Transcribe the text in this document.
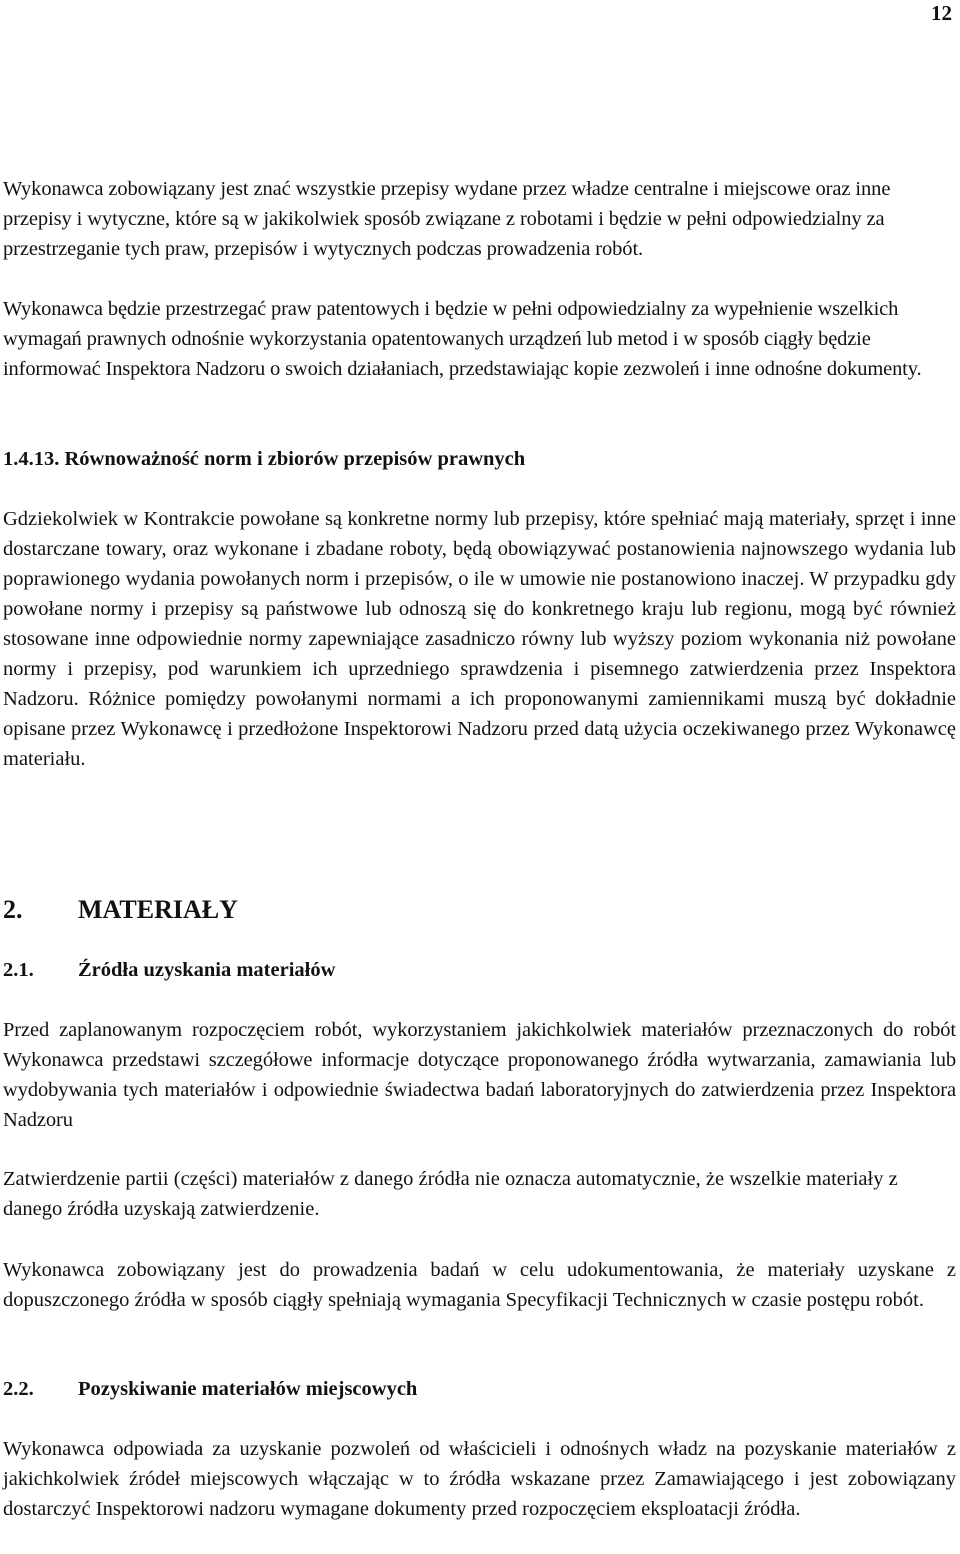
12

Wykonawca zobowiązany jest znać wszystkie przepisy wydane przez władze centralne i miejscowe oraz inne przepisy i wytyczne, które są w jakikolwiek sposób związane z robotami i będzie w pełni odpowiedzialny za przestrzeganie tych praw, przepisów i wytycznych podczas prowadzenia robót.

Wykonawca będzie przestrzegać praw patentowych i będzie w pełni odpowiedzialny za wypełnienie wszelkich wymagań prawnych odnośnie wykorzystania opatentowanych urządzeń lub metod i w sposób ciągły będzie informować Inspektora Nadzoru o swoich działaniach, przedstawiając kopie zezwoleń i inne odnośne dokumenty.

1.4.13. Równoważność norm i zbiorów przepisów prawnych

Gdziekolwiek w Kontrakcie powołane są konkretne normy lub przepisy, które spełniać mają materiały, sprzęt i inne dostarczane towary, oraz wykonane i zbadane roboty, będą obowiązywać postanowienia najnowszego wydania lub poprawionego wydania powołanych norm i przepisów, o ile w umowie nie postanowiono inaczej. W przypadku gdy powołane normy i przepisy są państwowe lub odnoszą się do konkretnego kraju lub regionu, mogą być również stosowane inne odpowiednie normy zapewniające zasadniczo równy lub wyższy poziom wykonania niż powołane normy i przepisy, pod warunkiem ich uprzedniego sprawdzenia i pisemnego zatwierdzenia przez Inspektora Nadzoru. Różnice pomiędzy powołanymi normami a ich proponowanymi zamiennikami muszą być dokładnie opisane przez Wykonawcę i przedłożone Inspektorowi Nadzoru przed datą użycia oczekiwanego przez Wykonawcę materiału.

2. MATERIAŁY
2.1. Źródła uzyskania materiałów

Przed zaplanowanym rozpoczęciem robót, wykorzystaniem jakichkolwiek materiałów przeznaczonych do robót Wykonawca przedstawi szczegółowe informacje dotyczące proponowanego źródła wytwarzania, zamawiania lub wydobywania tych materiałów i odpowiednie świadectwa badań laboratoryjnych do zatwierdzenia przez Inspektora Nadzoru

Zatwierdzenie partii (części) materiałów z danego źródła nie oznacza automatycznie, że wszelkie materiały z danego źródła uzyskają zatwierdzenie.

Wykonawca zobowiązany jest do prowadzenia badań w celu udokumentowania, że materiały uzyskane z dopuszczonego źródła w sposób ciągły spełniają wymagania Specyfikacji Technicznych w czasie postępu robót.

2.2. Pozyskiwanie materiałów miejscowych

Wykonawca odpowiada za uzyskanie pozwoleń od właścicieli i odnośnych władz na pozyskanie materiałów z jakichkolwiek źródeł miejscowych włączając w to źródła wskazane przez Zamawiającego i jest zobowiązany dostarczyć Inspektorowi nadzoru wymagane dokumenty przed rozpoczęciem eksploatacji źródła.
